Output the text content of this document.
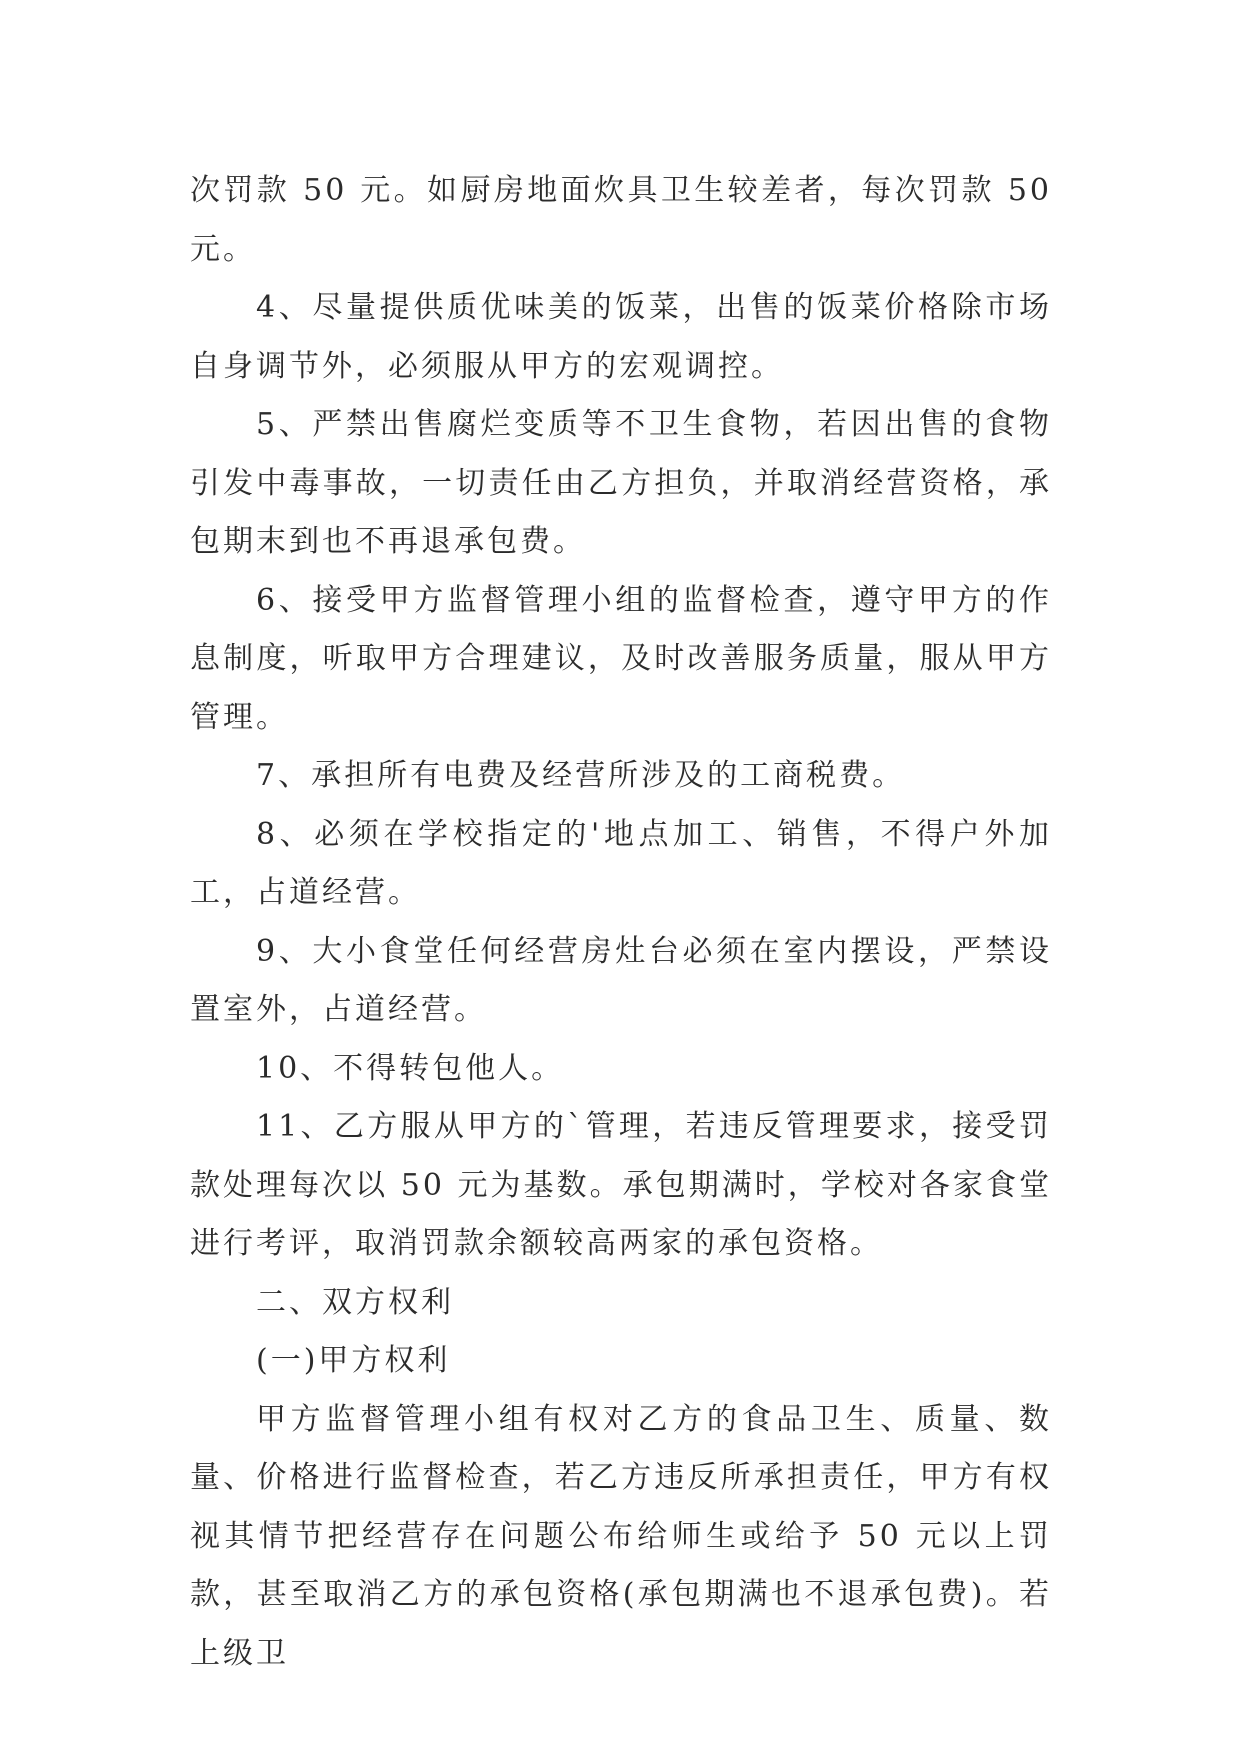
次罚款 50 元。如厨房地面炊具卫生较差者，每次罚款 50 元。

4、尽量提供质优味美的饭菜，出售的饭菜价格除市场自身调节外，必须服从甲方的宏观调控。

5、严禁出售腐烂变质等不卫生食物，若因出售的食物引发中毒事故，一切责任由乙方担负，并取消经营资格，承包期末到也不再退承包费。

6、接受甲方监督管理小组的监督检查，遵守甲方的作息制度，听取甲方合理建议，及时改善服务质量，服从甲方管理。

7、承担所有电费及经营所涉及的工商税费。

8、必须在学校指定的'地点加工、销售，不得户外加工，占道经营。

9、大小食堂任何经营房灶台必须在室内摆设，严禁设置室外，占道经营。

10、不得转包他人。

11、乙方服从甲方的`管理，若违反管理要求，接受罚款处理每次以 50 元为基数。承包期满时，学校对各家食堂进行考评，取消罚款余额较高两家的承包资格。

二、双方权利

(一)甲方权利

甲方监督管理小组有权对乙方的食品卫生、质量、数量、价格进行监督检查，若乙方违反所承担责任，甲方有权视其情节把经营存在问题公布给师生或给予 50 元以上罚款，甚至取消乙方的承包资格(承包期满也不退承包费)。若上级卫
